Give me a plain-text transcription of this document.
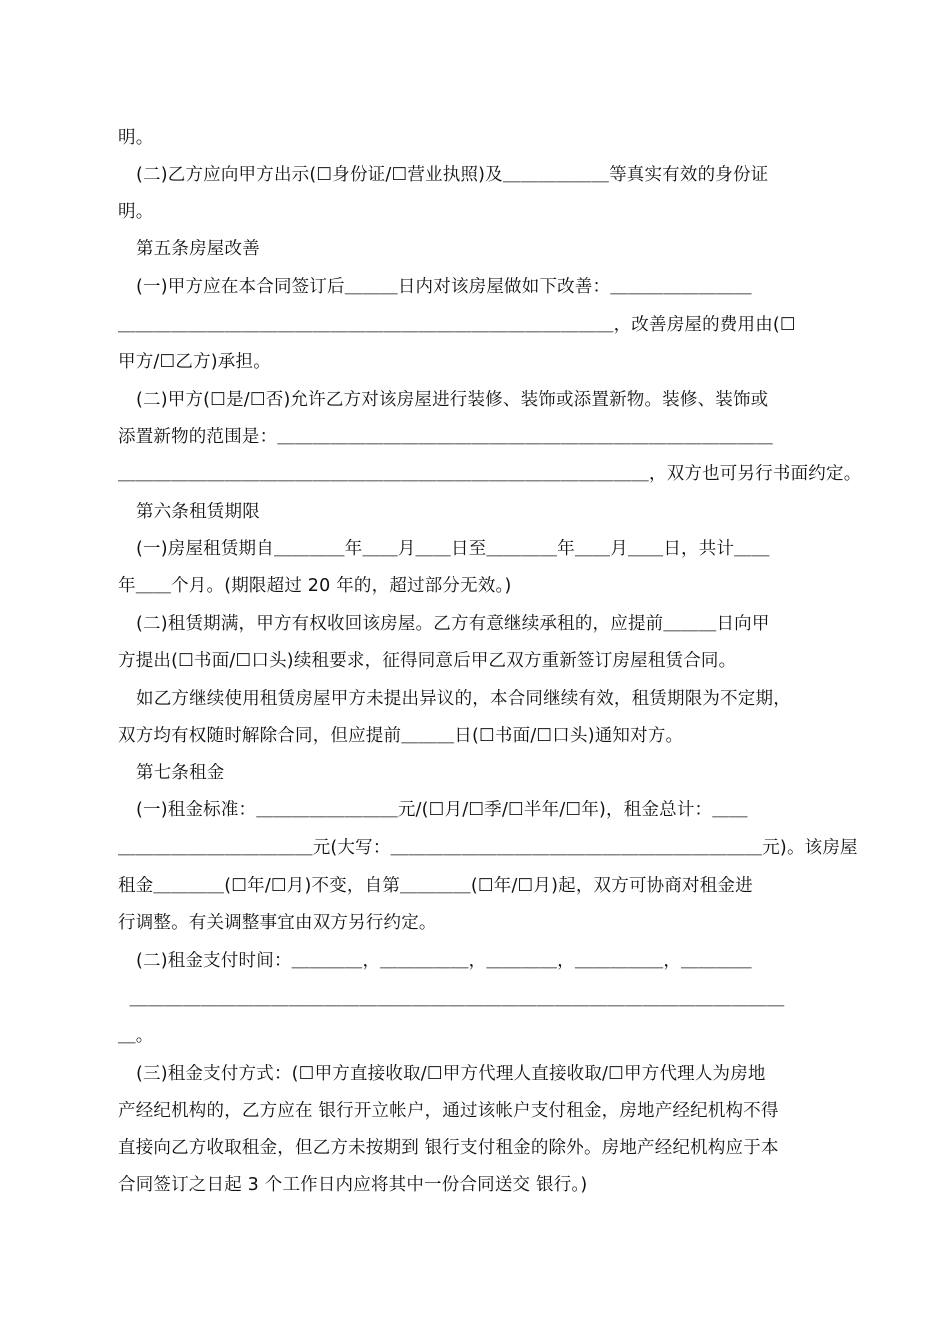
明。
(二)乙方应向甲方出示(☐身份证/☐营业执照)及＿＿＿＿＿＿等真实有效的身份证
明。
第五条房屋改善
(一)甲方应在本合同签订后＿＿＿日内对该房屋做如下改善：＿＿＿＿＿＿＿＿
＿＿＿＿＿＿＿＿＿＿＿＿＿＿＿＿＿＿＿＿＿＿＿＿＿＿＿＿，改善房屋的费用由(☐
甲方/☐乙方)承担。
(二)甲方(☐是/☐否)允许乙方对该房屋进行装修、装饰或添置新物。装修、装饰或
添置新物的范围是：＿＿＿＿＿＿＿＿＿＿＿＿＿＿＿＿＿＿＿＿＿＿＿＿＿＿＿＿
＿＿＿＿＿＿＿＿＿＿＿＿＿＿＿＿＿＿＿＿＿＿＿＿＿＿＿＿＿＿，双方也可另行书面约定。
第六条租赁期限
(一)房屋租赁期自＿＿＿＿年＿＿月＿＿日至＿＿＿＿年＿＿月＿＿日，共计＿＿
年＿＿个月。(期限超过 20 年的，超过部分无效。)
(二)租赁期满，甲方有权收回该房屋。乙方有意继续承租的，应提前＿＿＿日向甲
方提出(☐书面/☐口头)续租要求，征得同意后甲乙双方重新签订房屋租赁合同。
如乙方继续使用租赁房屋甲方未提出异议的，本合同继续有效，租赁期限为不定期，
双方均有权随时解除合同，但应提前＿＿＿日(☐书面/☐口头)通知对方。
第七条租金
(一)租金标准：＿＿＿＿＿＿＿＿元/(☐月/☐季/☐半年/☐年)，租金总计：＿＿
＿＿＿＿＿＿＿＿＿＿＿元(大写：＿＿＿＿＿＿＿＿＿＿＿＿＿＿＿＿＿＿＿＿＿元)。该房屋
租金＿＿＿＿(☐年/☐月)不变，自第＿＿＿＿(☐年/☐月)起，双方可协商对租金进
行调整。有关调整事宜由双方另行约定。
(二)租金支付时间：＿＿＿＿，＿＿＿＿＿，＿＿＿＿，＿＿＿＿＿，＿＿＿＿
＿＿＿＿＿＿＿＿＿＿＿＿＿＿＿＿＿＿＿＿＿＿＿＿＿＿＿＿＿＿＿＿＿＿＿＿＿
＿。
(三)租金支付方式：(☐甲方直接收取/☐甲方代理人直接收取/☐甲方代理人为房地
产经纪机构的，乙方应在 银行开立帐户，通过该帐户支付租金，房地产经纪机构不得
直接向乙方收取租金，但乙方未按期到 银行支付租金的除外。房地产经纪机构应于本
合同签订之日起 3 个工作日内应将其中一份合同送交 银行。)
